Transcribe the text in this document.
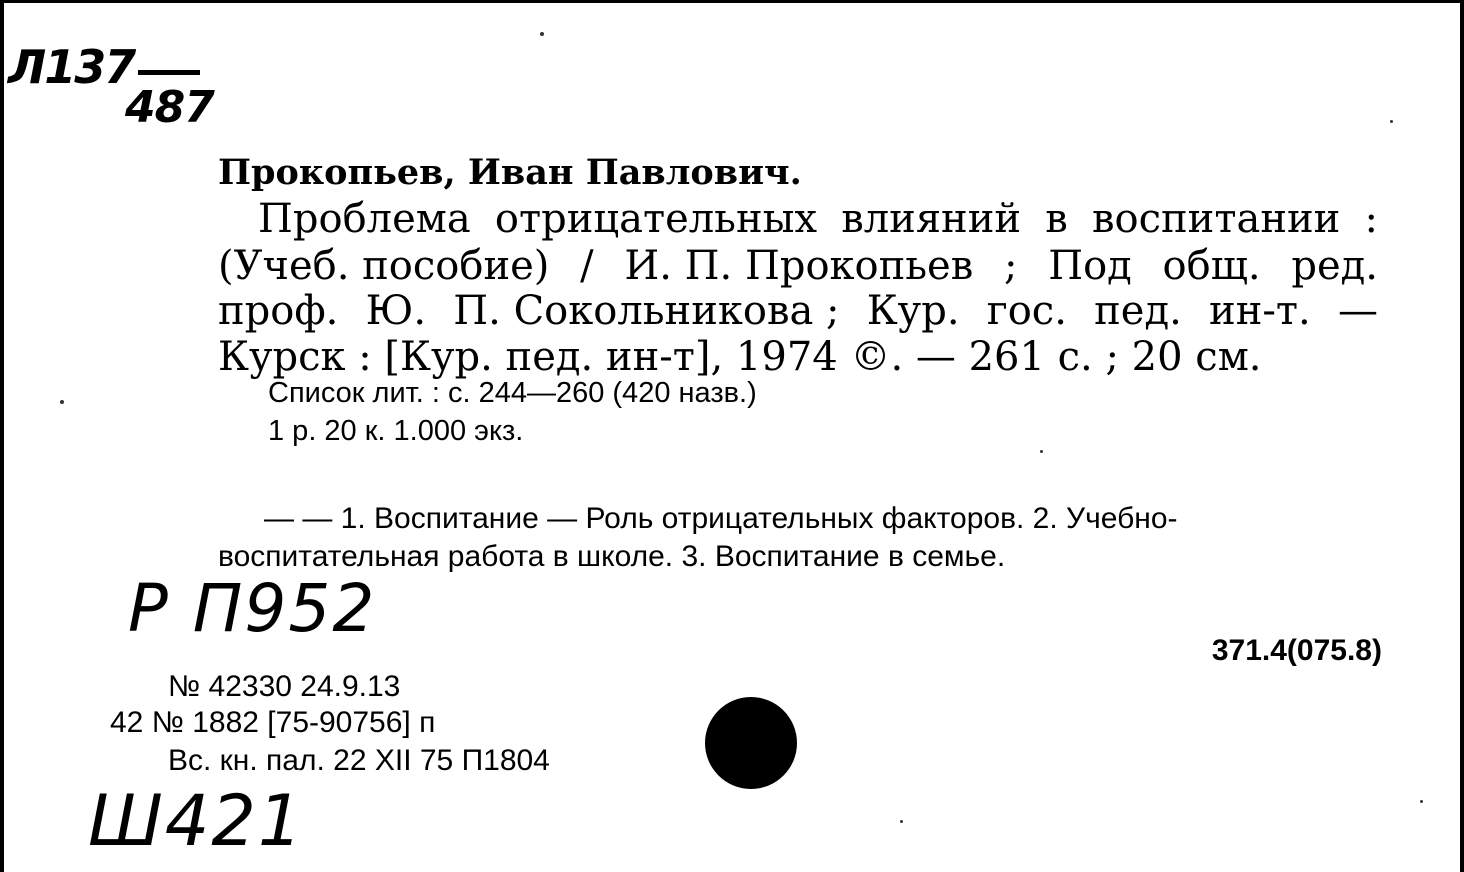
Л137
487
Прокопьев, Иван Павлович.
Проблема отрицательных влияний в воспитании :
(Учеб. пособие) / И. П. Прокопьев ; Под общ. ред.
проф. Ю. П. Сокольникова ; Кур. гос. пед. ин-т. —
Курск : [Кур. пед. ин-т], 1974 ©. — 261 с. ; 20 см.
Список лит. : с. 244—260 (420 назв.)
1 р. 20 к. 1.000 экз.
— — 1. Воспитание — Роль отрицательных факторов. 2. Учебно-
воспитательная работа в школе. 3. Воспитание в семье.
Р П952
371.4(075.8)
№ 42330 24.9.13
42 № 1882 [75-90756] п
Вс. кн. пал. 22 XII 75 П1804
Ш421
